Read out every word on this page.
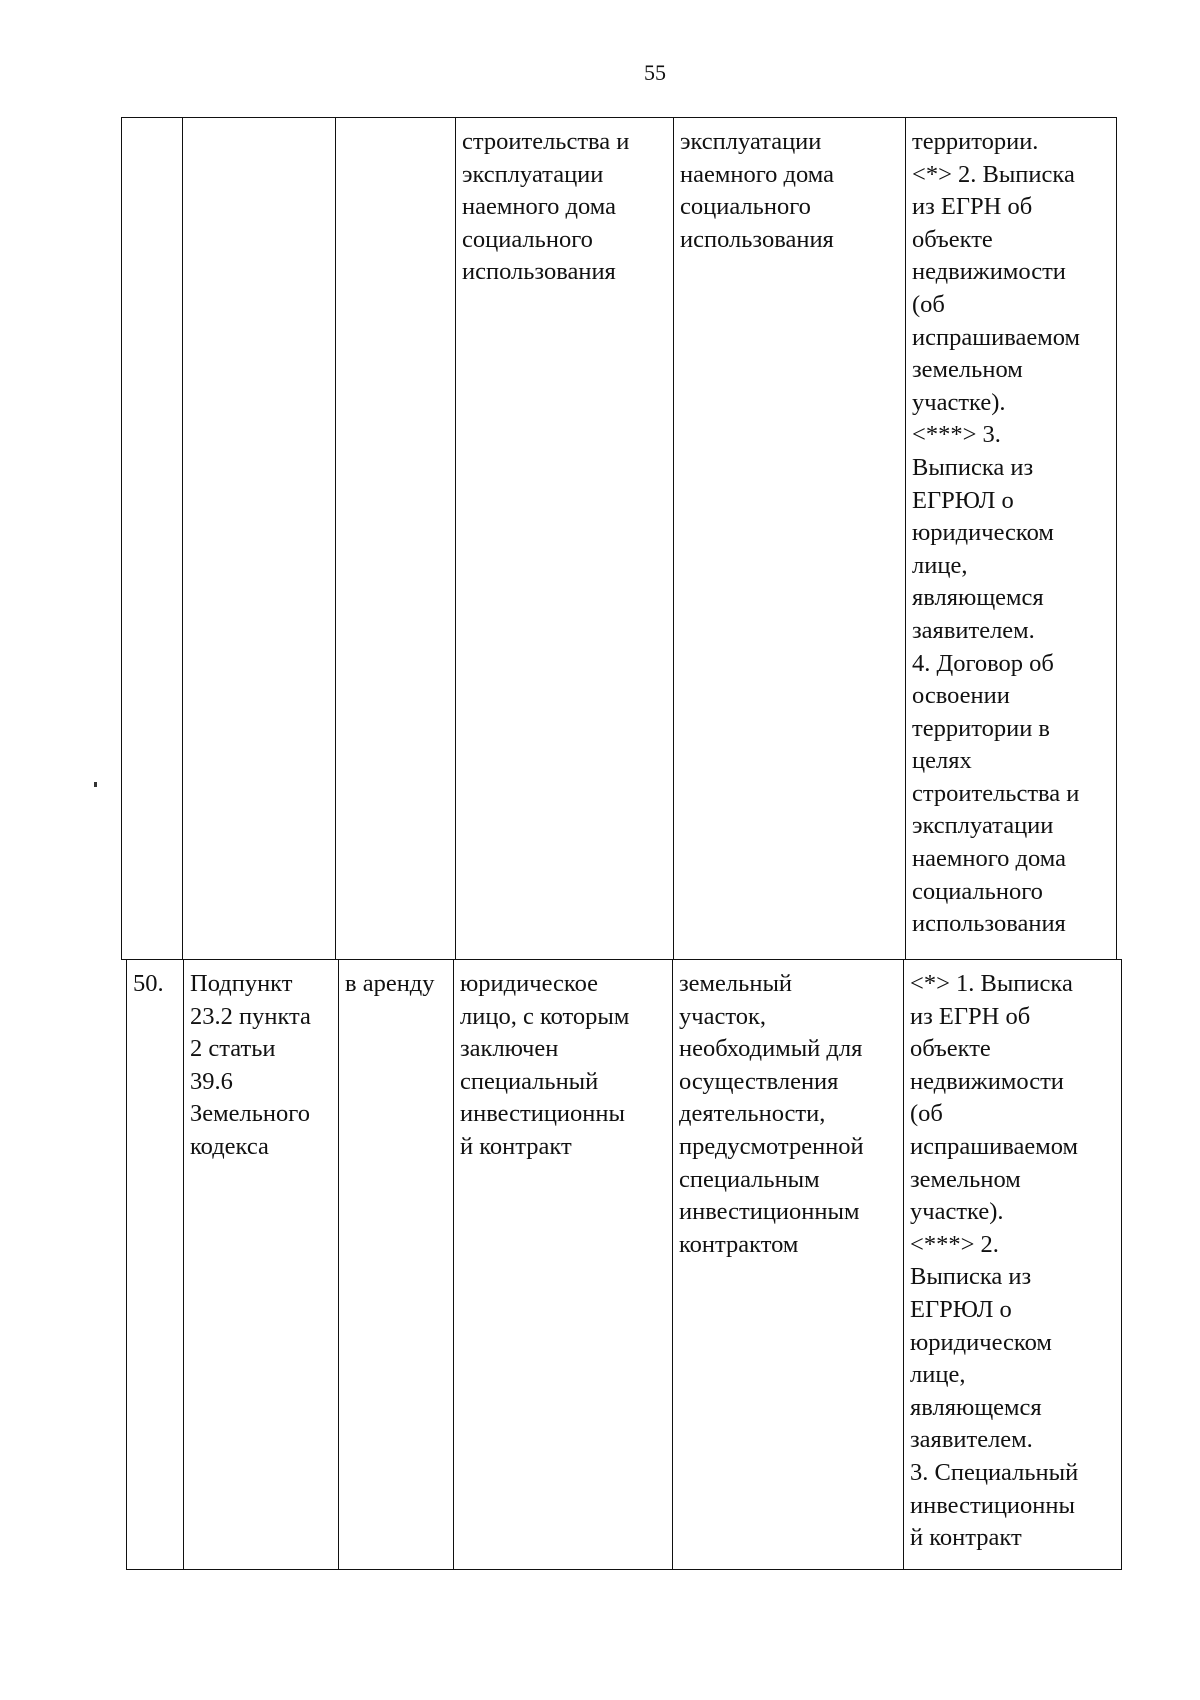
55
			строительства и
эксплуатации
наемного дома
социального
использования	эксплуатации
наемного дома
социального
использования	территории.
<*> 2. Выписка
из ЕГРН об
объекте
недвижимости
(об
испрашиваемом
земельном
участке).
<***> 3.
Выписка из
ЕГРЮЛ о
юридическом
лице,
являющемся
заявителем.
4. Договор об
освоении
территории в
целях
строительства и
эксплуатации
наемного дома
социального
использования
50.	Подпункт
23.2 пункта
2 статьи
39.6
Земельного
кодекса	в аренду	юридическое
лицо, с которым
заключен
специальный
инвестиционны
й контракт	земельный
участок,
необходимый для
осуществления
деятельности,
предусмотренной
специальным
инвестиционным
контрактом	<*> 1. Выписка
из ЕГРН об
объекте
недвижимости
(об
испрашиваемом
земельном
участке).
<***> 2.
Выписка из
ЕГРЮЛ о
юридическом
лице,
являющемся
заявителем.
3. Специальный
инвестиционны
й контракт
